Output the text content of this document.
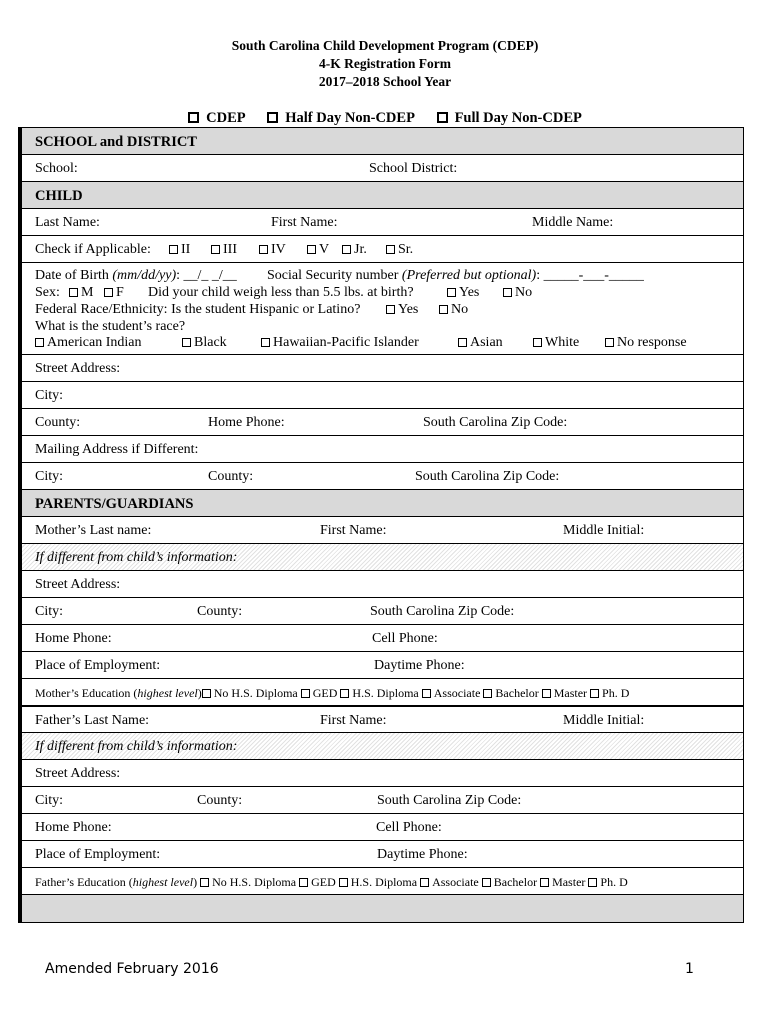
South Carolina Child Development Program (CDEP)
4-K Registration Form
2017–2018 School Year
CDEP	Half Day Non-CDEP	Full Day Non-CDEP
SCHOOL and DISTRICT
School:	School District:
CHILD
Last Name:	First Name:	Middle Name:
Check if Applicable:	II	III	IV	V	Jr.	Sr.
Date of Birth (mm/dd/yy): __/_ _/__ Social Security number (Preferred but optional): _____-___-_____
Sex:	M	F Did your child weigh less than 5.5 lbs. at birth?	Yes	No
Federal Race/Ethnicity: Is the student Hispanic or Latino?	Yes	No
What is the student’s race?
American Indian	Black	Hawaiian-Pacific Islander	Asian	White	No response
Street Address:
City:
County:	Home Phone:	South Carolina Zip Code:
Mailing Address if Different:
City:	County:	South Carolina Zip Code:
PARENTS/GUARDIANS
Mother’s Last name:	First Name:	Middle Initial:
If different from child’s information:
Street Address:
City:	County:	South Carolina Zip Code:
Home Phone:	Cell Phone:
Place of Employment:	Daytime Phone:
Mother’s Education (highest level) No H.S. Diploma GED H.S. Diploma Associate Bachelor Master Ph. D
Father’s Last Name:	First Name:	Middle Initial:
If different from child’s information:
Street Address:
City:	County:	South Carolina Zip Code:
Home Phone:	Cell Phone:
Place of Employment:	Daytime Phone:
Father’s Education (highest level) No H.S. Diploma GED H.S. Diploma Associate Bachelor Master Ph. D
Amended February 2016	1
